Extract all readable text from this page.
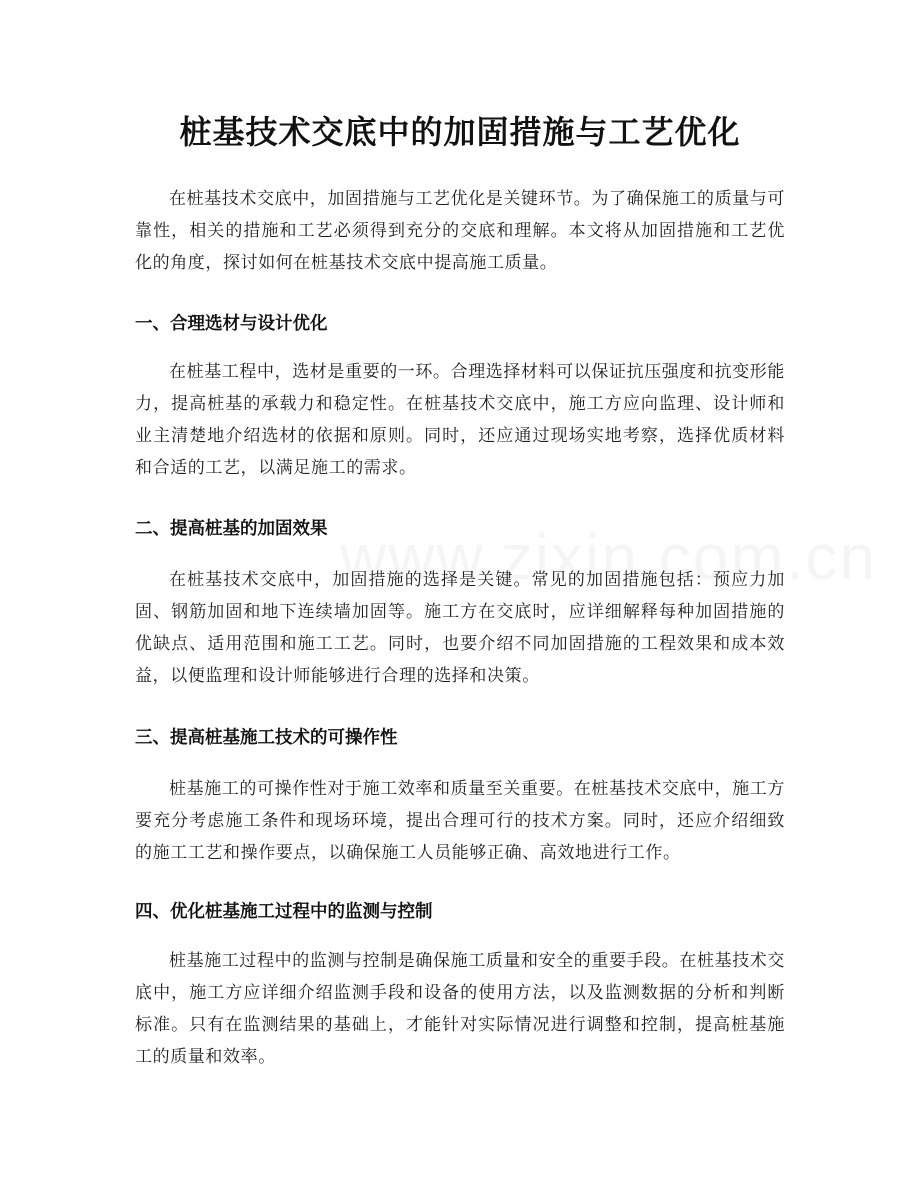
桩基技术交底中的加固措施与工艺优化

在桩基技术交底中，加固措施与工艺优化是关键环节。为了确保施工的质量与可靠性，相关的措施和工艺必须得到充分的交底和理解。本文将从加固措施和工艺优化的角度，探讨如何在桩基技术交底中提高施工质量。

一、合理选材与设计优化

在桩基工程中，选材是重要的一环。合理选择材料可以保证抗压强度和抗变形能力，提高桩基的承载力和稳定性。在桩基技术交底中，施工方应向监理、设计师和业主清楚地介绍选材的依据和原则。同时，还应通过现场实地考察，选择优质材料和合适的工艺，以满足施工的需求。

二、提高桩基的加固效果

在桩基技术交底中，加固措施的选择是关键。常见的加固措施包括：预应力加固、钢筋加固和地下连续墙加固等。施工方在交底时，应详细解释每种加固措施的优缺点、适用范围和施工工艺。同时，也要介绍不同加固措施的工程效果和成本效益，以便监理和设计师能够进行合理的选择和决策。

三、提高桩基施工技术的可操作性

桩基施工的可操作性对于施工效率和质量至关重要。在桩基技术交底中，施工方要充分考虑施工条件和现场环境，提出合理可行的技术方案。同时，还应介绍细致的施工工艺和操作要点，以确保施工人员能够正确、高效地进行工作。

四、优化桩基施工过程中的监测与控制

桩基施工过程中的监测与控制是确保施工质量和安全的重要手段。在桩基技术交底中，施工方应详细介绍监测手段和设备的使用方法，以及监测数据的分析和判断标准。只有在监测结果的基础上，才能针对实际情况进行调整和控制，提高桩基施工的质量和效率。
